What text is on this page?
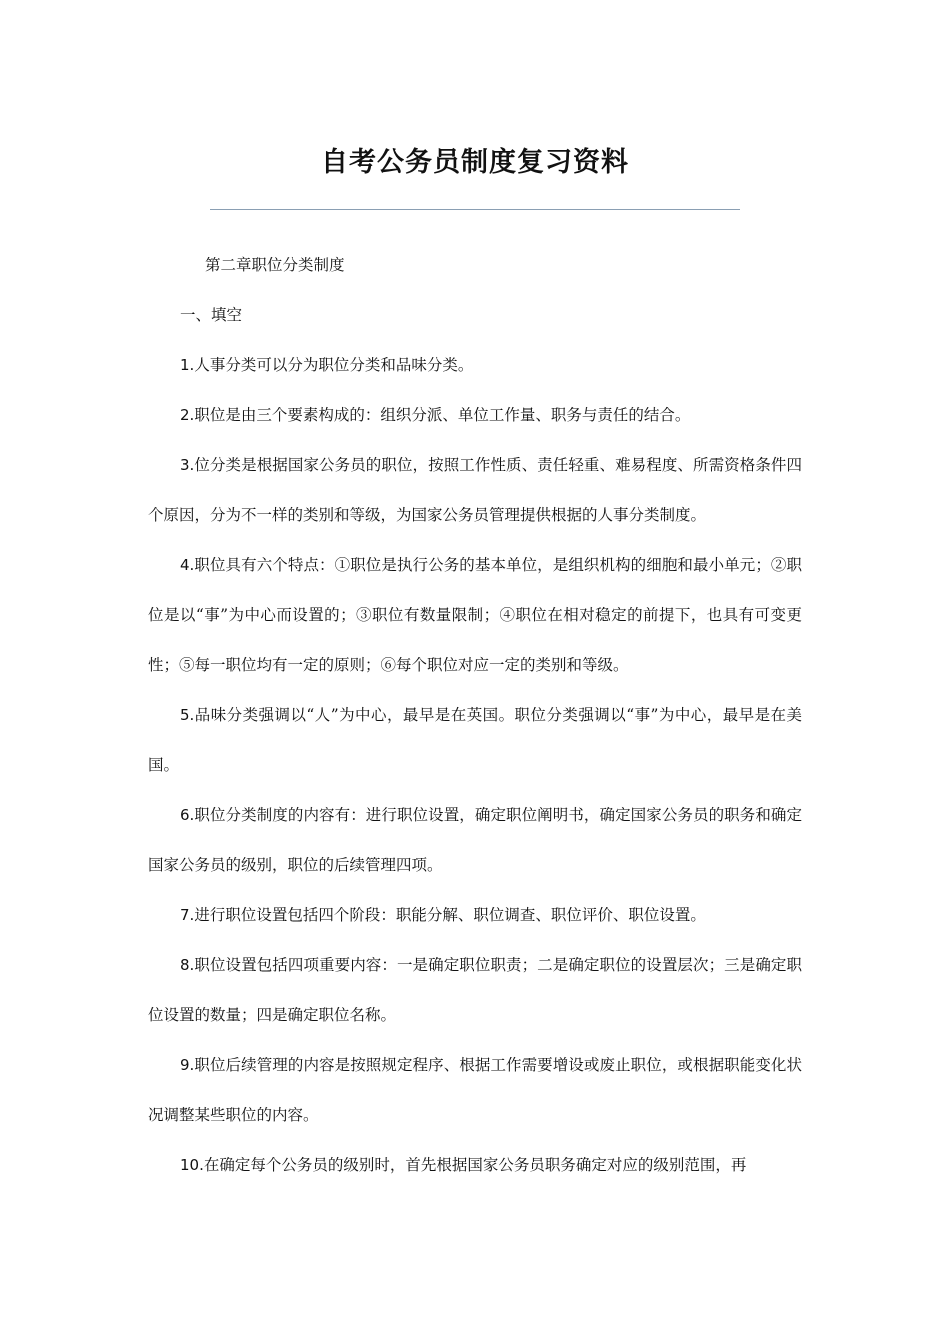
自考公务员制度复习资料

第二章职位分类制度

一、填空

1.人事分类可以分为职位分类和品味分类。

2.职位是由三个要素构成的：组织分派、单位工作量、职务与责任的结合。

3.位分类是根据国家公务员的职位，按照工作性质、责任轻重、难易程度、所需资格条件四个原因，分为不一样的类别和等级，为国家公务员管理提供根据的人事分类制度。

4.职位具有六个特点：①职位是执行公务的基本单位，是组织机构的细胞和最小单元；②职位是以“事”为中心而设置的；③职位有数量限制；④职位在相对稳定的前提下，也具有可变更性；⑤每一职位均有一定的原则；⑥每个职位对应一定的类别和等级。

5.品味分类强调以“人”为中心，最早是在英国。职位分类强调以“事”为中心，最早是在美国。

6.职位分类制度的内容有：进行职位设置，确定职位阐明书，确定国家公务员的职务和确定国家公务员的级别，职位的后续管理四项。

7.进行职位设置包括四个阶段：职能分解、职位调查、职位评价、职位设置。

8.职位设置包括四项重要内容：一是确定职位职责；二是确定职位的设置层次；三是确定职位设置的数量；四是确定职位名称。

9.职位后续管理的内容是按照规定程序、根据工作需要增设或废止职位，或根据职能变化状况调整某些职位的内容。

10.在确定每个公务员的级别时，首先根据国家公务员职务确定对应的级别范围，再
